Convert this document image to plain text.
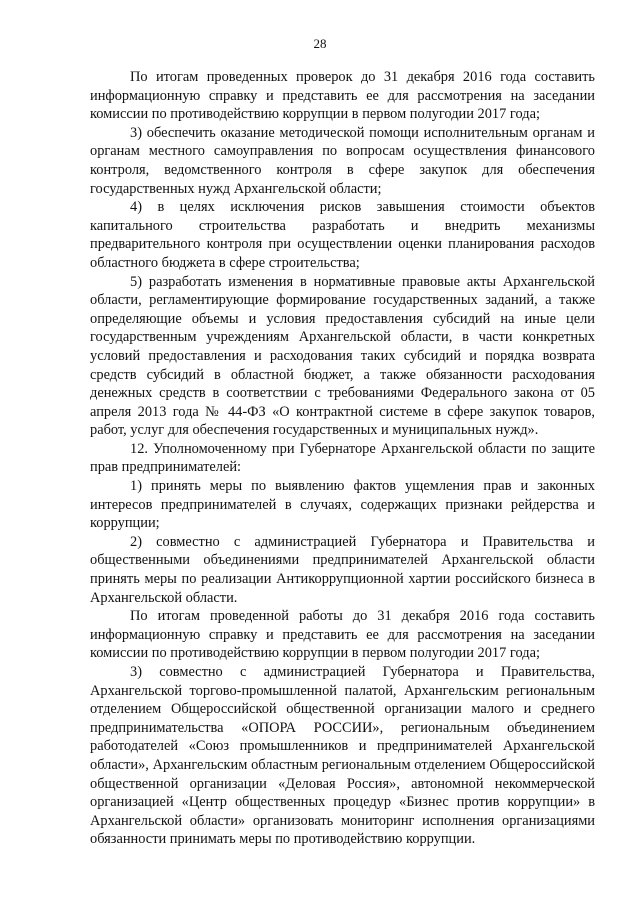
28

По итогам проведенных проверок до 31 декабря 2016 года составить информационную справку и представить ее для рассмотрения на заседании комиссии по противодействию коррупции в первом полугодии 2017 года;

3) обеспечить оказание методической помощи исполнительным органам и органам местного самоуправления по вопросам осуществления финансового контроля, ведомственного контроля в сфере закупок для обеспечения государственных нужд Архангельской области;

4) в целях исключения рисков завышения стоимости объектов капитального строительства разработать и внедрить механизмы предварительного контроля при осуществлении оценки планирования расходов областного бюджета в сфере строительства;

5) разработать изменения в нормативные правовые акты Архангельской области, регламентирующие формирование государственных заданий, а также определяющие объемы и условия предоставления субсидий на иные цели государственным учреждениям Архангельской области, в части конкретных условий предоставления и расходования таких субсидий и порядка возврата средств субсидий в областной бюджет, а также обязанности расходования денежных средств в соответствии с требованиями Федерального закона от 05 апреля 2013 года № 44-ФЗ «О контрактной системе в сфере закупок товаров, работ, услуг для обеспечения государственных и муниципальных нужд».

12. Уполномоченному при Губернаторе Архангельской области по защите прав предпринимателей:

1) принять меры по выявлению фактов ущемления прав и законных интересов предпринимателей в случаях, содержащих признаки рейдерства и коррупции;

2) совместно с администрацией Губернатора и Правительства и общественными объединениями предпринимателей Архангельской области принять меры по реализации Антикоррупционной хартии российского бизнеса в Архангельской области.

По итогам проведенной работы до 31 декабря 2016 года составить информационную справку и представить ее для рассмотрения на заседании комиссии по противодействию коррупции в первом полугодии 2017 года;

3) совместно с администрацией Губернатора и Правительства, Архангельской торгово-промышленной палатой, Архангельским региональным отделением Общероссийской общественной организации малого и среднего предпринимательства «ОПОРА РОССИИ», региональным объединением работодателей «Союз промышленников и предпринимателей Архангельской области», Архангельским областным региональным отделением Общероссийской общественной организации «Деловая Россия», автономной некоммерческой организацией «Центр общественных процедур «Бизнес против коррупции» в Архангельской области» организовать мониторинг исполнения организациями обязанности принимать меры по противодействию коррупции.
